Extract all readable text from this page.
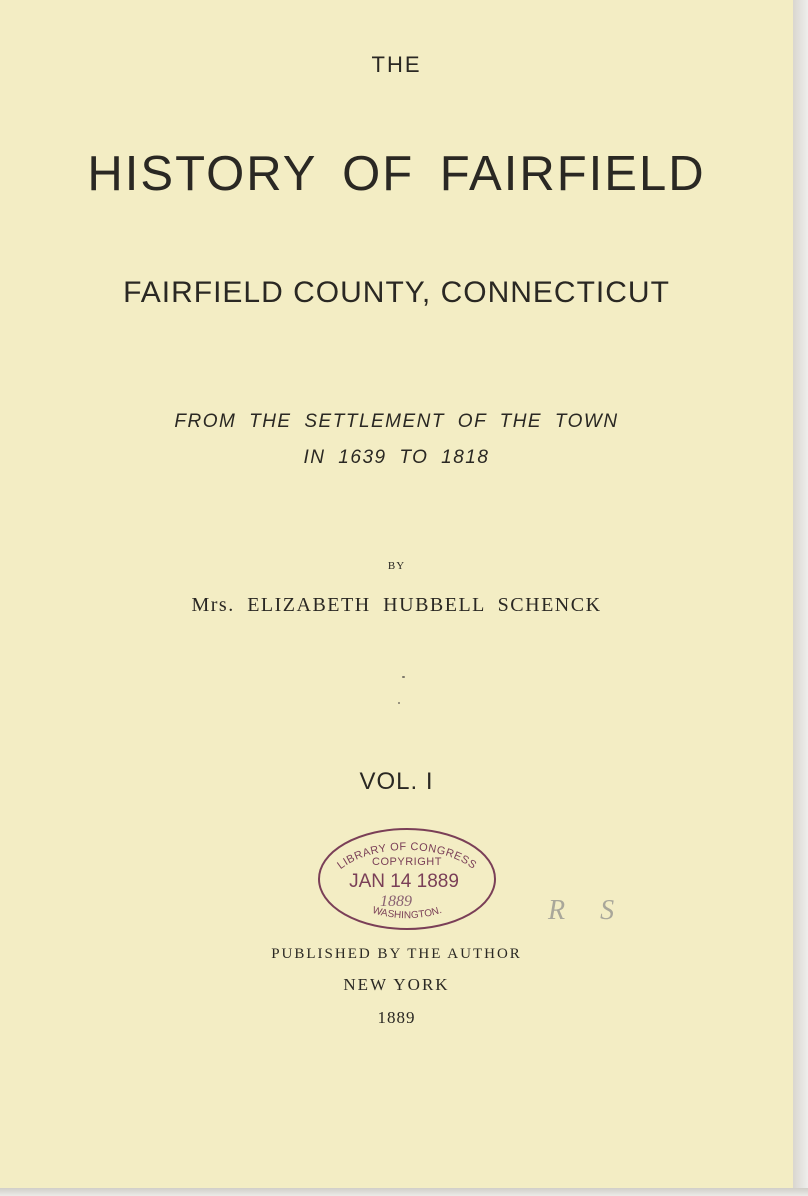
THE
HISTORY OF FAIRFIELD
FAIRFIELD COUNTY, CONNECTICUT
FROM THE SETTLEMENT OF THE TOWN
IN 1639 TO 1818
BY
Mrs. ELIZABETH HUBBELL SCHENCK
VOL. I
LIBRARY OF CONGRESS
COPYRIGHT
JAN 14 1889
1889
WASHINGTON.	R S
PUBLISHED BY THE AUTHOR
NEW YORK
1889
